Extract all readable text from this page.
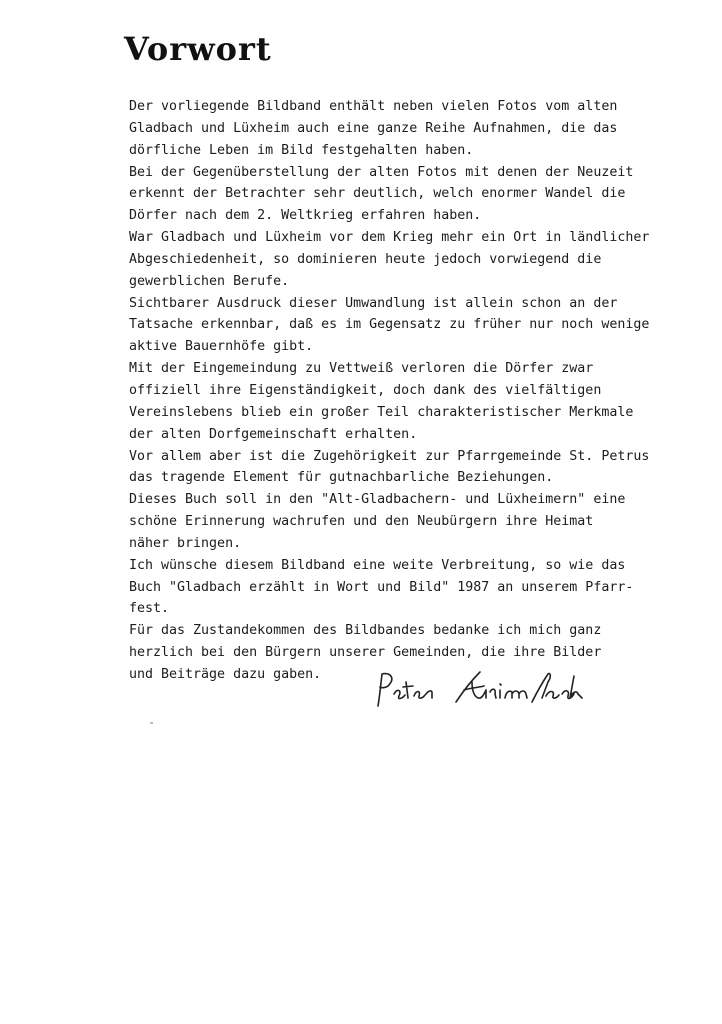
Vorwort
Der vorliegende Bildband enthält neben vielen Fotos vom alten
Gladbach und Lüxheim auch eine ganze Reihe Aufnahmen, die das
dörfliche Leben im Bild festgehalten haben.
Bei der Gegenüberstellung der alten Fotos mit denen der Neuzeit
erkennt der Betrachter sehr deutlich, welch enormer Wandel die
Dörfer nach dem 2. Weltkrieg erfahren haben.
War Gladbach und Lüxheim vor dem Krieg mehr ein Ort in ländlicher
Abgeschiedenheit, so dominieren heute jedoch vorwiegend die
gewerblichen Berufe.
Sichtbarer Ausdruck dieser Umwandlung ist allein schon an der
Tatsache erkennbar, daß es im Gegensatz zu früher nur noch wenige
aktive Bauernhöfe gibt.
Mit der Eingemeindung zu Vettweiß verloren die Dörfer zwar
offiziell ihre Eigenständigkeit, doch dank des vielfältigen
Vereinslebens blieb ein großer Teil charakteristischer Merkmale
der alten Dorfgemeinschaft erhalten.
Vor allem aber ist die Zugehörigkeit zur Pfarrgemeinde St. Petrus
das tragende Element für gutnachbarliche Beziehungen.
Dieses Buch soll in den "Alt-Gladbachern- und Lüxheimern" eine
schöne Erinnerung wachrufen und den Neubürgern ihre Heimat
näher bringen.
Ich wünsche diesem Bildband eine weite Verbreitung, so wie das
Buch "Gladbach erzählt in Wort und Bild" 1987 an unserem Pfarr-
fest.
Für das Zustandekommen des Bildbandes bedanke ich mich ganz
herzlich bei den Bürgern unserer Gemeinden, die ihre Bilder
und Beiträge dazu gaben.
